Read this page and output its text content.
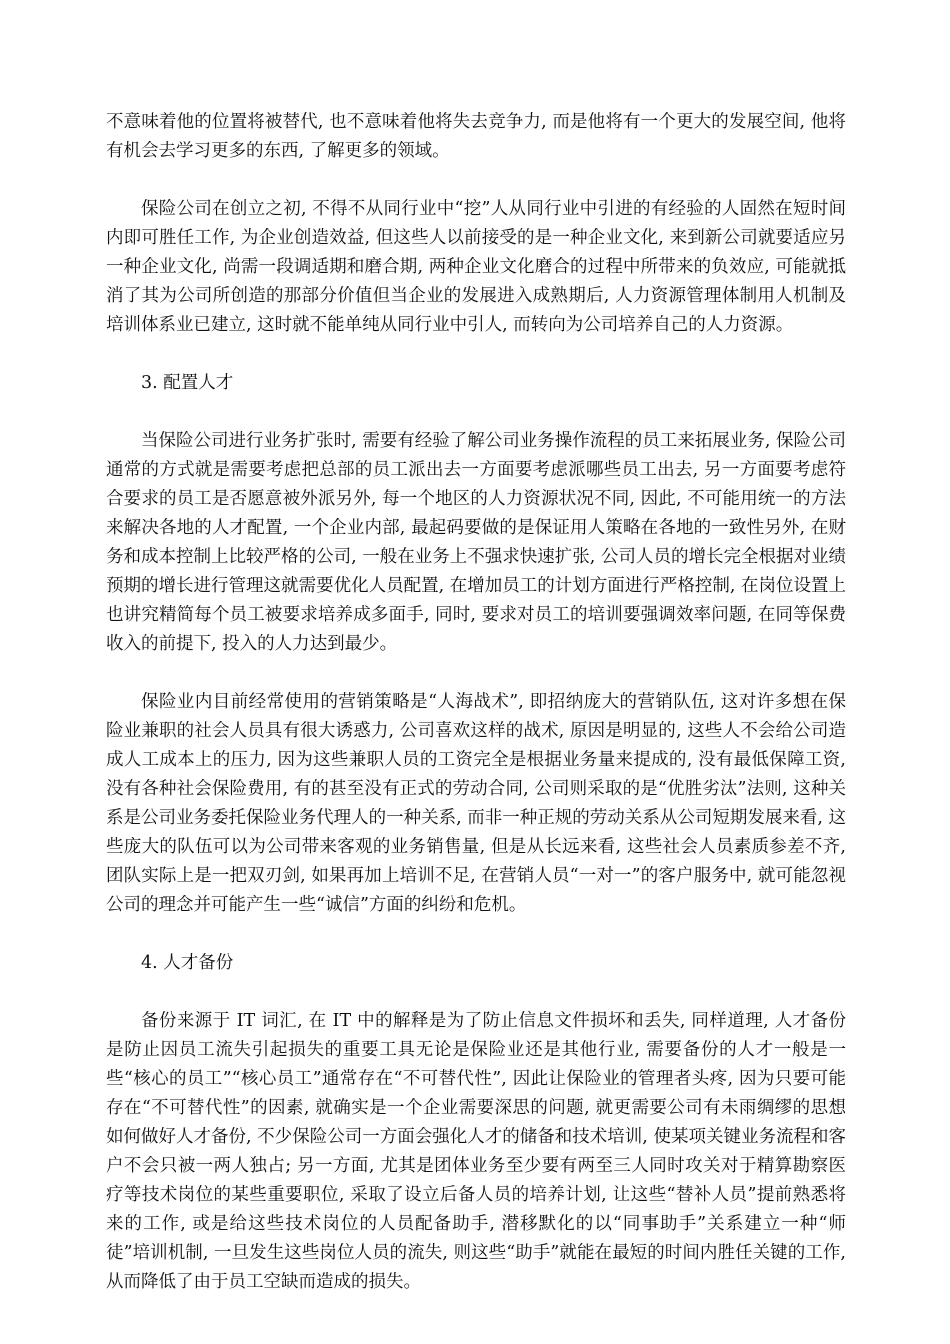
不意味着他的位置将被替代, 也不意味着他将失去竞争力, 而是他将有一个更大的发展空间, 他将有机会去学习更多的东西, 了解更多的领域。

保险公司在创立之初, 不得不从同行业中“挖”人从同行业中引进的有经验的人固然在短时间内即可胜任工作, 为企业创造效益, 但这些人以前接受的是一种企业文化, 来到新公司就要适应另一种企业文化, 尚需一段调适期和磨合期, 两种企业文化磨合的过程中所带来的负效应, 可能就抵消了其为公司所创造的那部分价值但当企业的发展进入成熟期后, 人力资源管理体制用人机制及培训体系业已建立, 这时就不能单纯从同行业中引人, 而转向为公司培养自己的人力资源。

3. 配置人才

当保险公司进行业务扩张时, 需要有经验了解公司业务操作流程的员工来拓展业务, 保险公司通常的方式就是需要考虑把总部的员工派出去一方面要考虑派哪些员工出去, 另一方面要考虑符合要求的员工是否愿意被外派另外, 每一个地区的人力资源状况不同, 因此, 不可能用统一的方法来解决各地的人才配置, 一个企业内部, 最起码要做的是保证用人策略在各地的一致性另外, 在财务和成本控制上比较严格的公司, 一般在业务上不强求快速扩张, 公司人员的增长完全根据对业绩预期的增长进行管理这就需要优化人员配置, 在增加员工的计划方面进行严格控制, 在岗位设置上也讲究精简每个员工被要求培养成多面手, 同时, 要求对员工的培训要强调效率问题, 在同等保费收入的前提下, 投入的人力达到最少。

保险业内目前经常使用的营销策略是“人海战术”, 即招纳庞大的营销队伍, 这对许多想在保险业兼职的社会人员具有很大诱惑力, 公司喜欢这样的战术, 原因是明显的, 这些人不会给公司造成人工成本上的压力, 因为这些兼职人员的工资完全是根据业务量来提成的, 没有最低保障工资, 没有各种社会保险费用, 有的甚至没有正式的劳动合同, 公司则采取的是“优胜劣汰”法则, 这种关系是公司业务委托保险业务代理人的一种关系, 而非一种正规的劳动关系从公司短期发展来看, 这些庞大的队伍可以为公司带来客观的业务销售量, 但是从长远来看, 这些社会人员素质参差不齐, 团队实际上是一把双刃剑, 如果再加上培训不足, 在营销人员“一对一”的客户服务中, 就可能忽视公司的理念并可能产生一些“诚信”方面的纠纷和危机。

4. 人才备份

备份来源于 IT 词汇, 在 IT 中的解释是为了防止信息文件损坏和丢失, 同样道理, 人才备份是防止因员工流失引起损失的重要工具无论是保险业还是其他行业, 需要备份的人才一般是一些“核心的员工”“核心员工”通常存在“不可替代性”, 因此让保险业的管理者头疼, 因为只要可能存在“不可替代性”的因素, 就确实是一个企业需要深思的问题, 就更需要公司有未雨绸缪的思想如何做好人才备份, 不少保险公司一方面会强化人才的储备和技术培训, 使某项关键业务流程和客户不会只被一两人独占; 另一方面, 尤其是团体业务至少要有两至三人同时攻关对于精算勘察医疗等技术岗位的某些重要职位, 采取了设立后备人员的培养计划, 让这些“替补人员”提前熟悉将来的工作, 或是给这些技术岗位的人员配备助手, 潜移默化的以“同事助手”关系建立一种“师徒”培训机制, 一旦发生这些岗位人员的流失, 则这些“助手”就能在最短的时间内胜任关键的工作, 从而降低了由于员工空缺而造成的损失。
